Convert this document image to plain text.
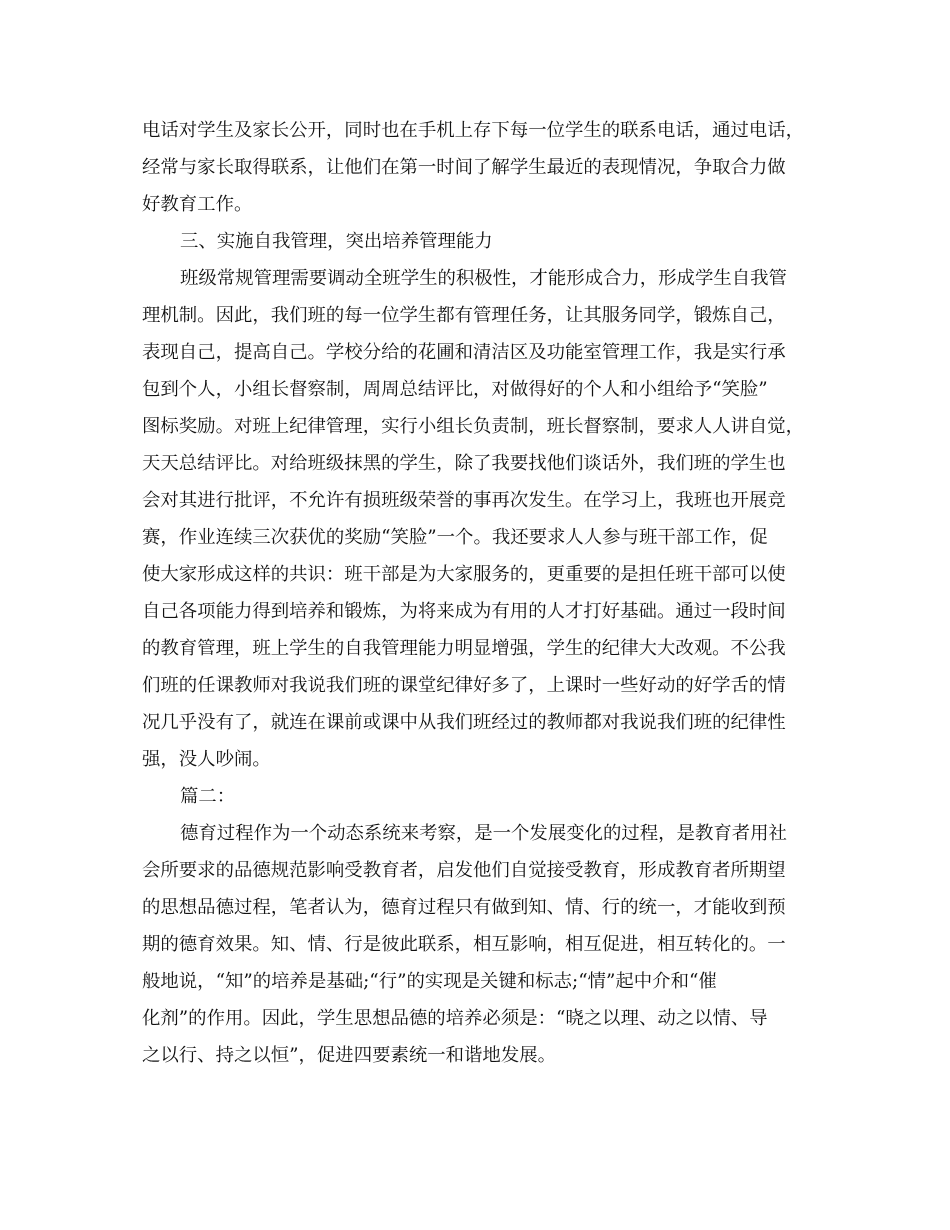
电话对学生及家长公开，同时也在手机上存下每一位学生的联系电话，通过电话，
经常与家长取得联系，让他们在第一时间了解学生最近的表现情况，争取合力做
好教育工作。
三、实施自我管理，突出培养管理能力
班级常规管理需要调动全班学生的积极性，才能形成合力，形成学生自我管
理机制。因此，我们班的每一位学生都有管理任务，让其服务同学，锻炼自己，
表现自己，提高自己。学校分给的花圃和清洁区及功能室管理工作，我是实行承
包到个人，小组长督察制，周周总结评比，对做得好的个人和小组给予“笑脸”
图标奖励。对班上纪律管理，实行小组长负责制，班长督察制，要求人人讲自觉，
天天总结评比。对给班级抹黑的学生，除了我要找他们谈话外，我们班的学生也
会对其进行批评，不允许有损班级荣誉的事再次发生。在学习上，我班也开展竞
赛，作业连续三次获优的奖励“笑脸”一个。我还要求人人参与班干部工作，促
使大家形成这样的共识：班干部是为大家服务的，更重要的是担任班干部可以使
自己各项能力得到培养和锻炼，为将来成为有用的人才打好基础。通过一段时间
的教育管理，班上学生的自我管理能力明显增强，学生的纪律大大改观。不公我
们班的任课教师对我说我们班的课堂纪律好多了，上课时一些好动的好学舌的情
况几乎没有了，就连在课前或课中从我们班经过的教师都对我说我们班的纪律性
强，没人吵闹。
篇二：
德育过程作为一个动态系统来考察，是一个发展变化的过程，是教育者用社
会所要求的品德规范影响受教育者，启发他们自觉接受教育，形成教育者所期望
的思想品德过程，笔者认为，德育过程只有做到知、情、行的统一，才能收到预
期的德育效果。知、情、行是彼此联系，相互影响，相互促进，相互转化的。一
般地说，“知”的培养是基础;“行”的实现是关键和标志;“情”起中介和“催
化剂”的作用。因此，学生思想品德的培养必须是：“晓之以理、动之以情、导
之以行、持之以恒”，促进四要素统一和谐地发展。
